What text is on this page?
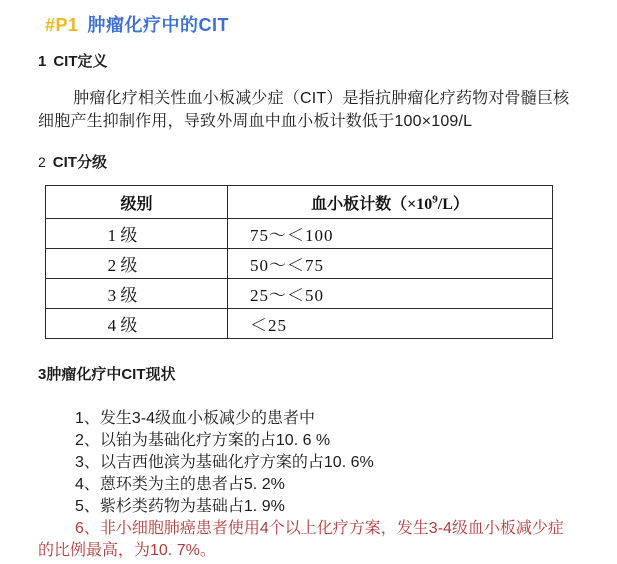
#P1 肿瘤化疗中的CIT
1 CIT定义
肿瘤化疗相关性血小板减少症（CIT）是指抗肿瘤化疗药物对骨髓巨核细胞产生抑制作用，导致外周血中血小板计数低于100×109/L
2 CIT分级
级别	血小板计数$(\times 10^9/L)$
1 级	75～＜100
2 级	50～＜75
3 级	25～＜50
4 级	＜25
3肿瘤化疗中CIT现状
1、发生3-4级血小板减少的患者中
2、以铂为基础化疗方案的占10. 6 %
3、以吉西他滨为基础化疗方案的占10. 6%
4、蒽环类为主的患者占5. 2%
5、紫杉类药物为基础占1. 9%
6、非小细胞肺癌患者使用4个以上化疗方案，发生3-4级血小板减少症的比例最高，为10. 7%。
